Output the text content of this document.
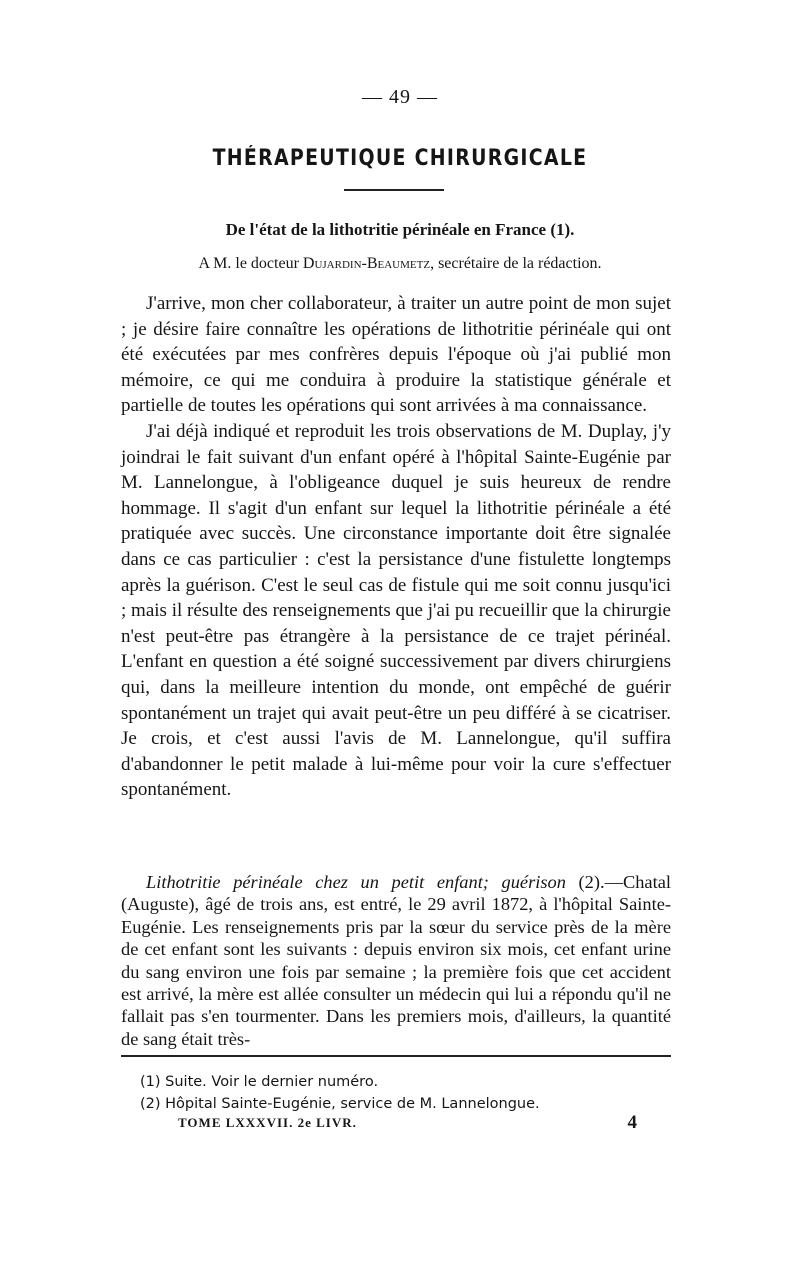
— 49 —
THÉRAPEUTIQUE CHIRURGICALE
De l'état de la lithotritie périnéale en France (1).
A M. le docteur Dujardin-Beaumetz, secrétaire de la rédaction.

J'arrive, mon cher collaborateur, à traiter un autre point de mon sujet ; je désire faire connaître les opérations de lithotritie périnéale qui ont été exécutées par mes confrères depuis l'époque où j'ai publié mon mémoire, ce qui me conduira à produire la statistique générale et partielle de toutes les opérations qui sont arrivées à ma connaissance.

J'ai déjà indiqué et reproduit les trois observations de M. Duplay, j'y joindrai le fait suivant d'un enfant opéré à l'hôpital Sainte-Eugénie par M. Lannelongue, à l'obligeance duquel je suis heureux de rendre hommage. Il s'agit d'un enfant sur lequel la lithotritie périnéale a été pratiquée avec succès. Une circonstance importante doit être signalée dans ce cas particulier : c'est la persistance d'une fistulette longtemps après la guérison. C'est le seul cas de fistule qui me soit connu jusqu'ici ; mais il résulte des renseignements que j'ai pu recueillir que la chirurgie n'est peut-être pas étrangère à la persistance de ce trajet périnéal. L'enfant en question a été soigné successivement par divers chirurgiens qui, dans la meilleure intention du monde, ont empêché de guérir spontanément un trajet qui avait peut-être un peu différé à se cicatriser. Je crois, et c'est aussi l'avis de M. Lannelongue, qu'il suffira d'abandonner le petit malade à lui-même pour voir la cure s'effectuer spontanément.

Lithotritie périnéale chez un petit enfant; guérison (2).—Chatal (Auguste), âgé de trois ans, est entré, le 29 avril 1872, à l'hôpital Sainte-Eugénie. Les renseignements pris par la sœur du service près de la mère de cet enfant sont les suivants : depuis environ six mois, cet enfant urine du sang environ une fois par semaine ; la première fois que cet accident est arrivé, la mère est allée consulter un médecin qui lui a répondu qu'il ne fallait pas s'en tourmenter. Dans les premiers mois, d'ailleurs, la quantité de sang était très-

(1) Suite. Voir le dernier numéro.
(2) Hôpital Sainte-Eugénie, service de M. Lannelongue.
TOME LXXXVII. 2e LIVR.	4
